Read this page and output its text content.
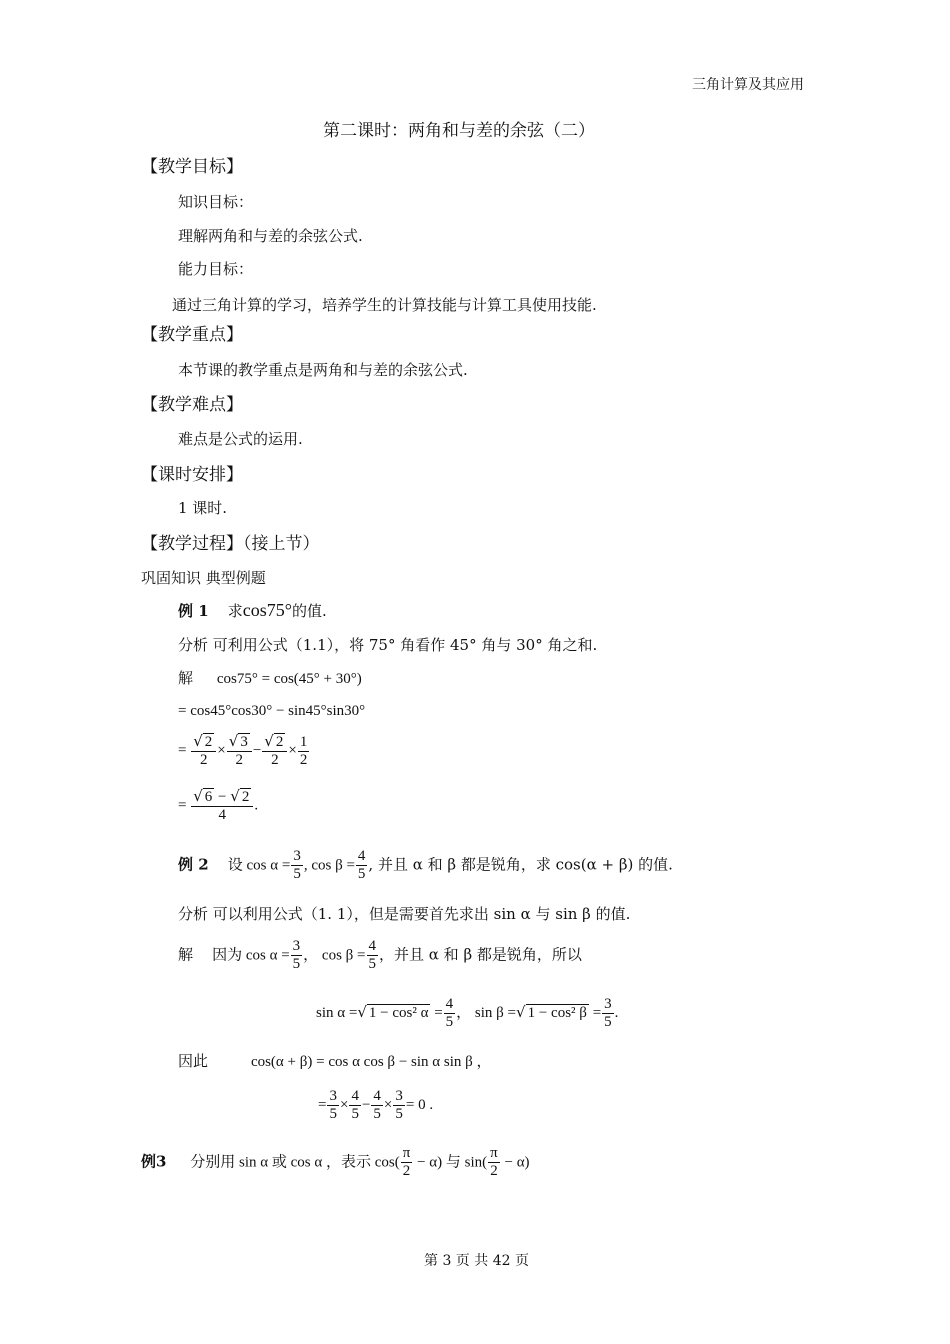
三角计算及其应用
第二课时：两角和与差的余弦（二）
【教学目标】
知识目标：
理解两角和与差的余弦公式.
能力目标：
通过三角计算的学习，培养学生的计算技能与计算工具使用技能.
【教学重点】
本节课的教学重点是两角和与差的余弦公式.
【教学难点】
难点是公式的运用.
【课时安排】
1 课时.
【教学过程】（接上节）
巩固知识 典型例题
例 1 求cos75°的值.
分析 可利用公式（1.1），将 75° 角看作 45° 角与 30° 角之和.
解 cos75° = cos(45° + 30°)
= cos45°cos30° − sin45°sin30°
= $\frac{√ 2}{2} \times \frac{√ 3}{2} - \frac{√ 2}{2} \times \frac{1}{2}$
= $\frac{√ 6 - √ 2}{4}$ .
例 2 设 $\cos \alpha = \frac{3}{5}$ , $\cos \beta = \frac{4}{5}$ , 并且 α 和 β 都是锐角，求 cos(α + β) 的值.
分析 可以利用公式（1. 1），但是需要首先求出 sin α 与 sin β 的值.
解 因为 $\cos \alpha = \frac{3}{5}$ ， $\cos \beta = \frac{4}{5}$ ，并且 α 和 β 都是锐角，所以
sin α =√ 1 − cos² $\alpha = \frac{4}{5}$ ， sin β =√ 1 − cos² $\beta = \frac{3}{5}$ .
因此	cos(α + β) = cos α cos β − sin α sin β ，
= $\frac{3}{5} \times \frac{4}{5} - \frac{4}{5} \times \frac{3}{5} = 0$ .
例3 分别用 sin α 或 cos α ，表示 $\cos( \frac{\pi}{2} - \alpha)$ 与 $\sin( \frac{\pi}{2} - \alpha)$
第 3 页 共 42 页
